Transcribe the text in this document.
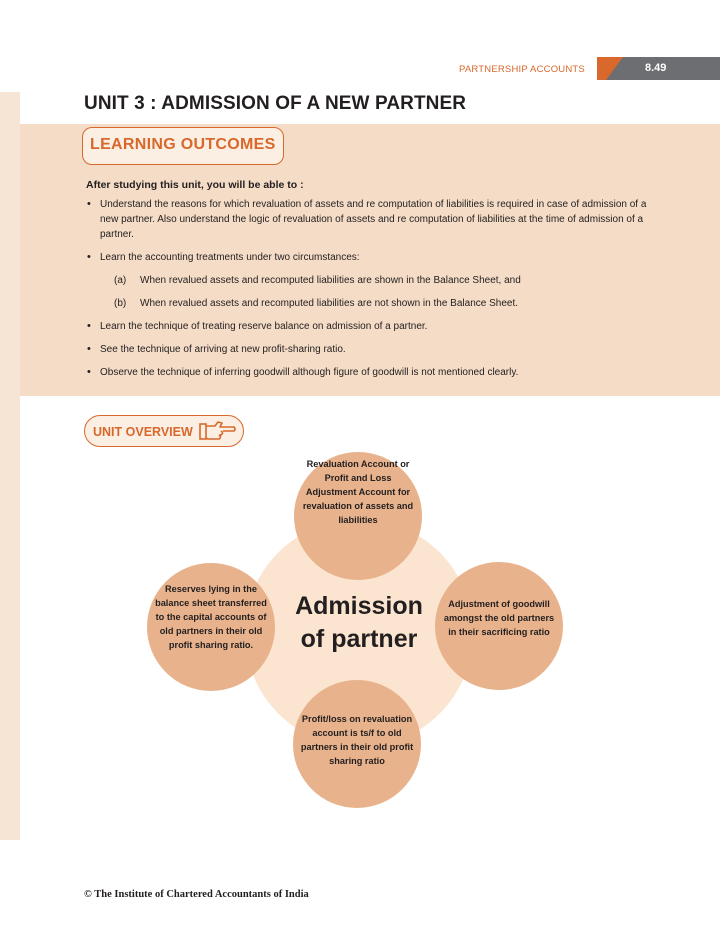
PARTNERSHIP ACCOUNTS	8.49
UNIT 3 : ADMISSION OF A NEW PARTNER
LEARNING OUTCOMES
After studying this unit, you will be able to :
• Understand the reasons for which revaluation of assets and re computation of liabilities is required in case of admission of a new partner. Also understand the logic of revaluation of assets and re computation of liabilities at the time of admission of a partner.
• Learn the accounting treatments under two circumstances:
(a) When revalued assets and recomputed liabilities are shown in the Balance Sheet, and
(b) When revalued assets and recomputed liabilities are not shown in the Balance Sheet.
• Learn the technique of treating reserve balance on admission of a partner.
• See the technique of arriving at new profit-sharing ratio.
• Observe the technique of inferring goodwill although figure of goodwill is not mentioned clearly.
UNIT OVERVIEW
Admission
of partner
Revaluation Account or Profit and Loss Adjustment Account for revaluation of assets and liabilities
Adjustment of goodwill amongst the old partners in their sacrificing ratio
Profit/loss on revaluation account is ts/f to old partners in their old profit sharing ratio
Reserves lying in the balance sheet transferred to the capital accounts of old partners in their old profit sharing ratio.
© The Institute of Chartered Accountants of India
